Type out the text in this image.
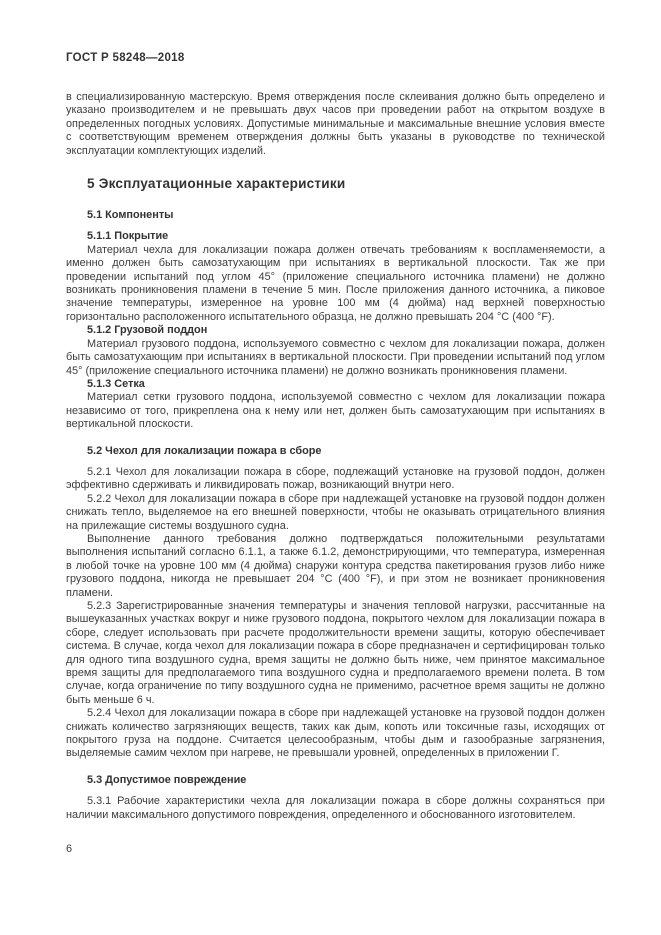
ГОСТ Р 58248—2018

в специализированную мастерскую. Время отверждения после склеивания должно быть определено и указано производителем и не превышать двух часов при проведении работ на открытом воздухе в определенных погодных условиях. Допустимые минимальные и максимальные внешние условия вместе с соответствующим временем отверждения должны быть указаны в руководстве по технической эксплуатации комплектующих изделий.

5 Эксплуатационные характеристики
5.1 Компоненты
5.1.1 Покрытие

Материал чехла для локализации пожара должен отвечать требованиям к воспламеняемости, а именно должен быть самозатухающим при испытаниях в вертикальной плоскости. Так же при проведении испытаний под углом 45° (приложение специального источника пламени) не должно возникать проникновения пламени в течение 5 мин. После приложения данного источника, а пиковое значение температуры, измеренное на уровне 100 мм (4 дюйма) над верхней поверхностью горизонтально расположенного испытательного образца, не должно превышать 204 °C (400 °F).

5.1.2 Грузовой поддон

Материал грузового поддона, используемого совместно с чехлом для локализации пожара, должен быть самозатухающим при испытаниях в вертикальной плоскости. При проведении испытаний под углом 45° (приложение специального источника пламени) не должно возникать проникновения пламени.

5.1.3 Сетка

Материал сетки грузового поддона, используемой совместно с чехлом для локализации пожара независимо от того, прикреплена она к нему или нет, должен быть самозатухающим при испытаниях в вертикальной плоскости.

5.2 Чехол для локализации пожара в сборе

5.2.1 Чехол для локализации пожара в сборе, подлежащий установке на грузовой поддон, должен эффективно сдерживать и ликвидировать пожар, возникающий внутри него.

5.2.2 Чехол для локализации пожара в сборе при надлежащей установке на грузовой поддон должен снижать тепло, выделяемое на его внешней поверхности, чтобы не оказывать отрицательного влияния на прилежащие системы воздушного судна.

Выполнение данного требования должно подтверждаться положительными результатами выполнения испытаний согласно 6.1.1, а также 6.1.2, демонстрирующими, что температура, измеренная в любой точке на уровне 100 мм (4 дюйма) снаружи контура средства пакетирования грузов либо ниже грузового поддона, никогда не превышает 204 °C (400 °F), и при этом не возникает проникновения пламени.

5.2.3 Зарегистрированные значения температуры и значения тепловой нагрузки, рассчитанные на вышеуказанных участках вокруг и ниже грузового поддона, покрытого чехлом для локализации пожара в сборе, следует использовать при расчете продолжительности времени защиты, которую обеспечивает система. В случае, когда чехол для локализации пожара в сборе предназначен и сертифицирован только для одного типа воздушного судна, время защиты не должно быть ниже, чем принятое максимальное время защиты для предполагаемого типа воздушного судна и предполагаемого времени полета. В том случае, когда ограничение по типу воздушного судна не применимо, расчетное время защиты не должно быть меньше 6 ч.

5.2.4 Чехол для локализации пожара в сборе при надлежащей установке на грузовой поддон должен снижать количество загрязняющих веществ, таких как дым, копоть или токсичные газы, исходящих от покрытого груза на поддоне. Считается целесообразным, чтобы дым и газообразные загрязнения, выделяемые самим чехлом при нагреве, не превышали уровней, определенных в приложении Г.

5.3 Допустимое повреждение

5.3.1 Рабочие характеристики чехла для локализации пожара в сборе должны сохраняться при наличии максимального допустимого повреждения, определенного и обоснованного изготовителем.

6
